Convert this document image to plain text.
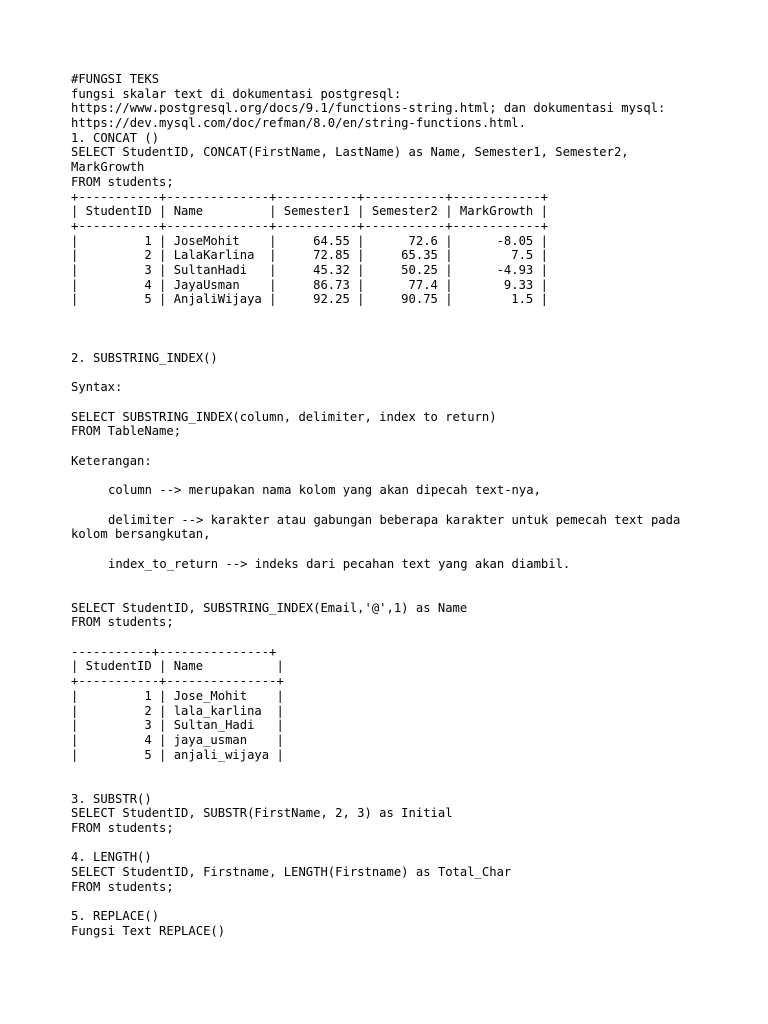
#FUNGSI TEKS
fungsi skalar text di dokumentasi postgresql:
https://www.postgresql.org/docs/9.1/functions-string.html; dan dokumentasi mysql:
https://dev.mysql.com/doc/refman/8.0/en/string-functions.html.
1. CONCAT ()
SELECT StudentID, CONCAT(FirstName, LastName) as Name, Semester1, Semester2,
MarkGrowth
FROM students;
+-----------+--------------+-----------+-----------+------------+
| StudentID | Name         | Semester1 | Semester2 | MarkGrowth |
+-----------+--------------+-----------+-----------+------------+
|         1 | JoseMohit    |     64.55 |      72.6 |      -8.05 |
|         2 | LalaKarlina  |     72.85 |     65.35 |        7.5 |
|         3 | SultanHadi   |     45.32 |     50.25 |      -4.93 |
|         4 | JayaUsman    |     86.73 |      77.4 |       9.33 |
|         5 | AnjaliWijaya |     92.25 |     90.75 |        1.5 |
2. SUBSTRING_INDEX()
Syntax:
SELECT SUBSTRING_INDEX(column, delimiter, index to return)
FROM TableName;
Keterangan:
column --> merupakan nama kolom yang akan dipecah text-nya,
delimiter --> karakter atau gabungan beberapa karakter untuk pemecah text pada
kolom bersangkutan,
index_to_return --> indeks dari pecahan text yang akan diambil.
SELECT StudentID, SUBSTRING_INDEX(Email,'@',1) as Name
FROM students;
-----------+---------------+
| StudentID | Name          |
+-----------+---------------+
|         1 | Jose_Mohit    |
|         2 | lala_karlina  |
|         3 | Sultan_Hadi   |
|         4 | jaya_usman    |
|         5 | anjali_wijaya |
3. SUBSTR()
SELECT StudentID, SUBSTR(FirstName, 2, 3) as Initial
FROM students;
4. LENGTH()
SELECT StudentID, Firstname, LENGTH(Firstname) as Total_Char
FROM students;
5. REPLACE()
Fungsi Text REPLACE()
